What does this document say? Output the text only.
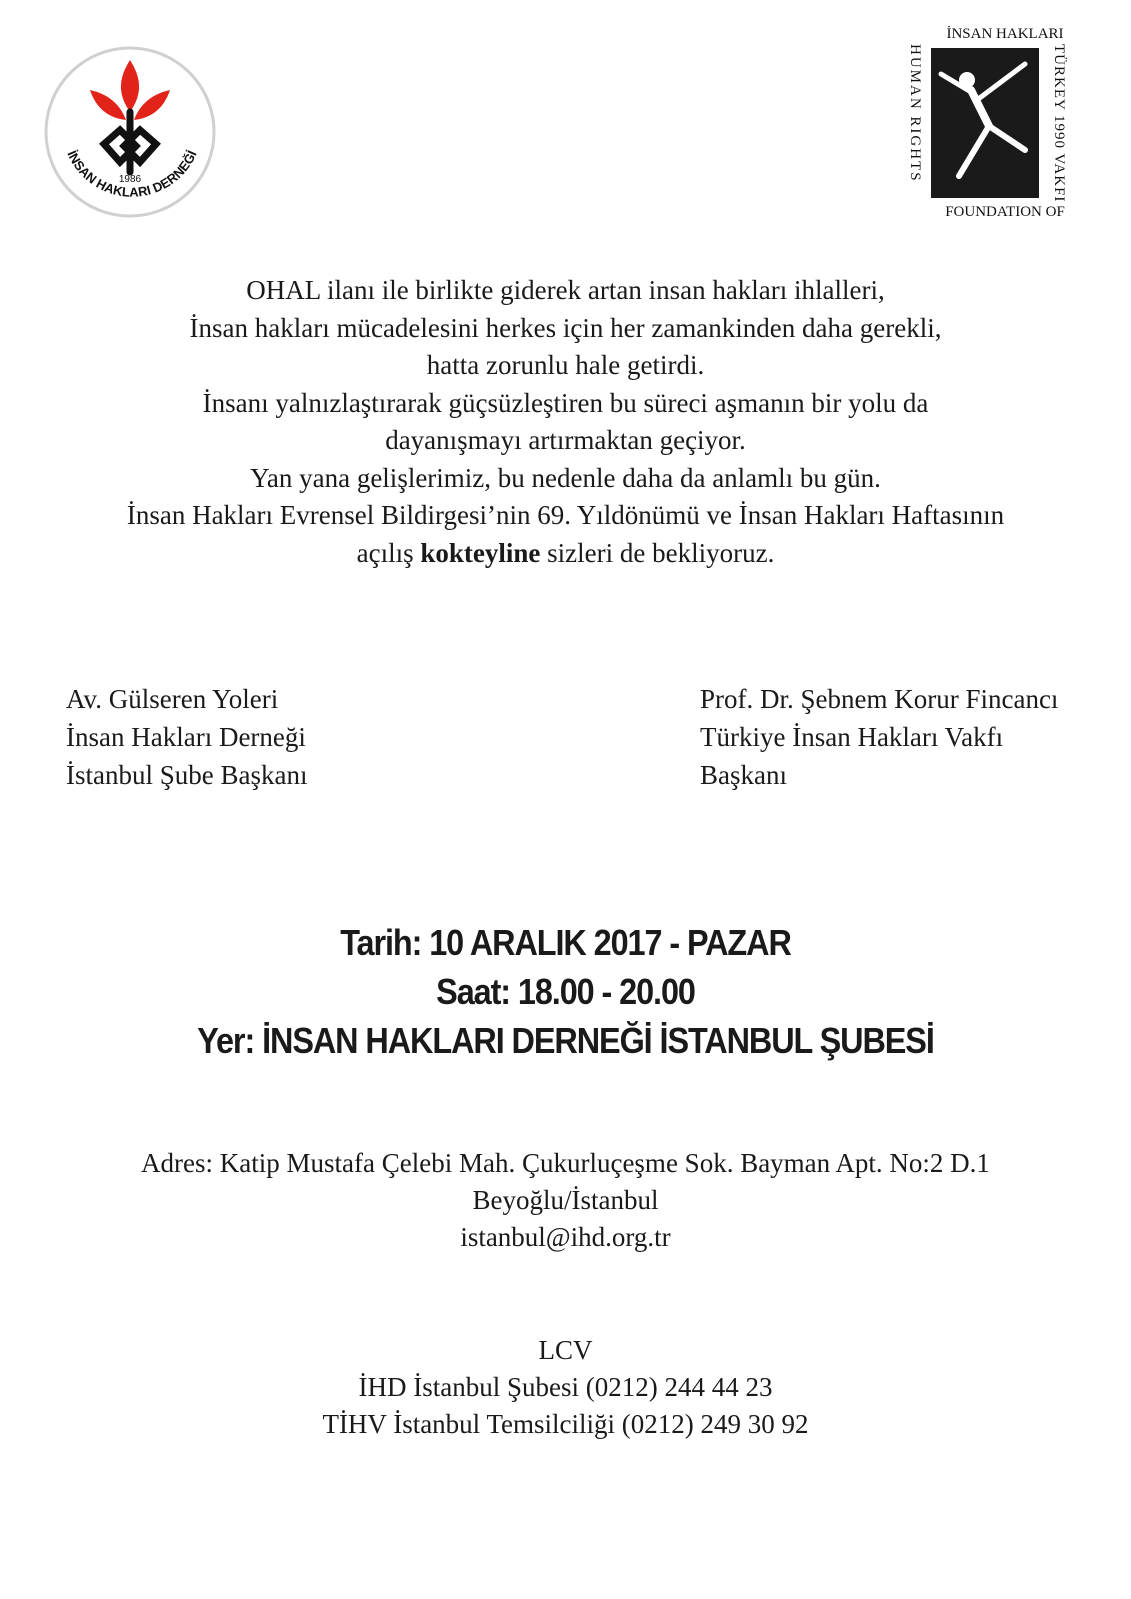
1986
İNSAN HAKLARI DERNEĞİ
İNSAN HAKLARI
FOUNDATION OF
HUMAN RIGHTS	TÜRKEY 1990 VAKFI

OHAL ilanı ile birlikte giderek artan insan hakları ihlalleri,

İnsan hakları mücadelesini herkes için her zamankinden daha gerekli,

hatta zorunlu hale getirdi.

İnsanı yalnızlaştırarak güçsüzleştiren bu süreci aşmanın bir yolu da

dayanışmayı artırmaktan geçiyor.

Yan yana gelişlerimiz, bu nedenle daha da anlamlı bu gün.

İnsan Hakları Evrensel Bildirgesi’nin 69. Yıldönümü ve İnsan Hakları Haftasının

açılış kokteyline sizleri de bekliyoruz.

Av. Gülseren Yoleri

İnsan Hakları Derneği

İstanbul Şube Başkanı

Prof. Dr. Şebnem Korur Fincancı

Türkiye İnsan Hakları Vakfı

Başkanı

Tarih: 10 ARALIK 2017 - PAZAR

Saat: 18.00 - 20.00

Yer: İNSAN HAKLARI DERNEĞİ İSTANBUL ŞUBESİ

Adres: Katip Mustafa Çelebi Mah. Çukurluçeşme Sok. Bayman Apt. No:2 D.1

Beyoğlu/İstanbul

istanbul@ihd.org.tr

LCV

İHD İstanbul Şubesi (0212) 244 44 23

TİHV İstanbul Temsilciliği (0212) 249 30 92
